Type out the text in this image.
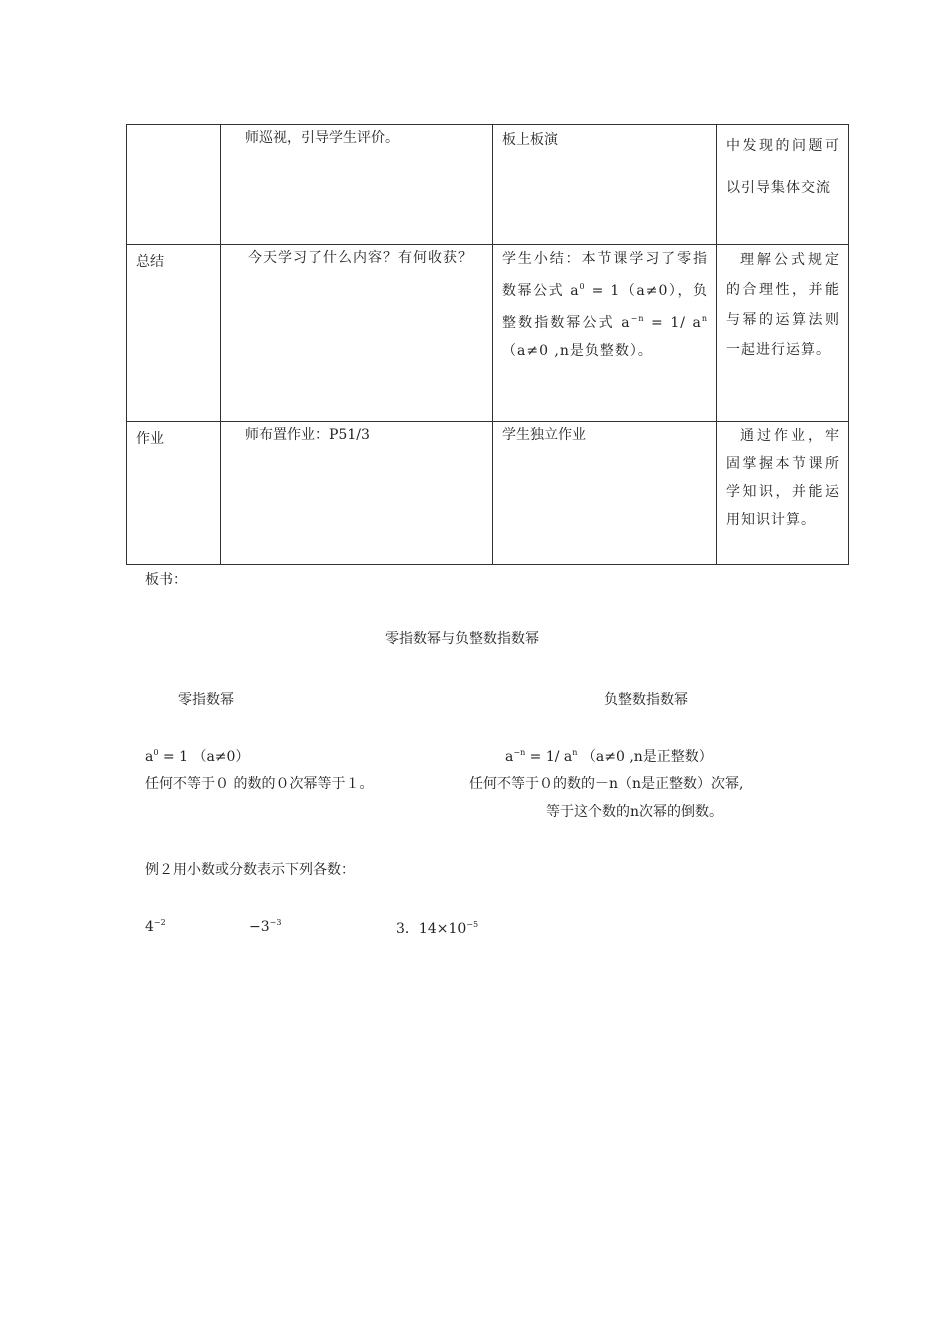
	师巡视，引导学生评价。	板上板演	中发现的问题可以引导集体交流

总结	今天学习了什么内容？有何收获？	学生小结：本节课学习了零指数幂公式 $a^0 = 1(a\ne 0)$，负整数指数幂公式 $a^{-n} = 1/$ $a^n(a\ne 0$ ,n是负整数）。	理解公式规定的合理性，并能与幂的运算法则一起进行运算。

作业	师布置作业：P51/3	学生独立作业	通过作业，牢固掌握本节课所学知识，并能运用知识计算。
板书：
零指数幂与负整数指数幂
零指数幂	负整数指数幂
$a^0 = 1$ （a≠0）	$a^{-n} = 1/$ $a^n$ （a≠0 ,n是正整数）
任何不等于０ 的数的０次幂等于１。	任何不等于０的数的－n（n是正整数）次幂,
等于这个数的n次幂的倒数。
例２用小数或分数表示下列各数：
$4^{-2}$	$-3^{-3}$	3．$14\times 10^{-5}$
